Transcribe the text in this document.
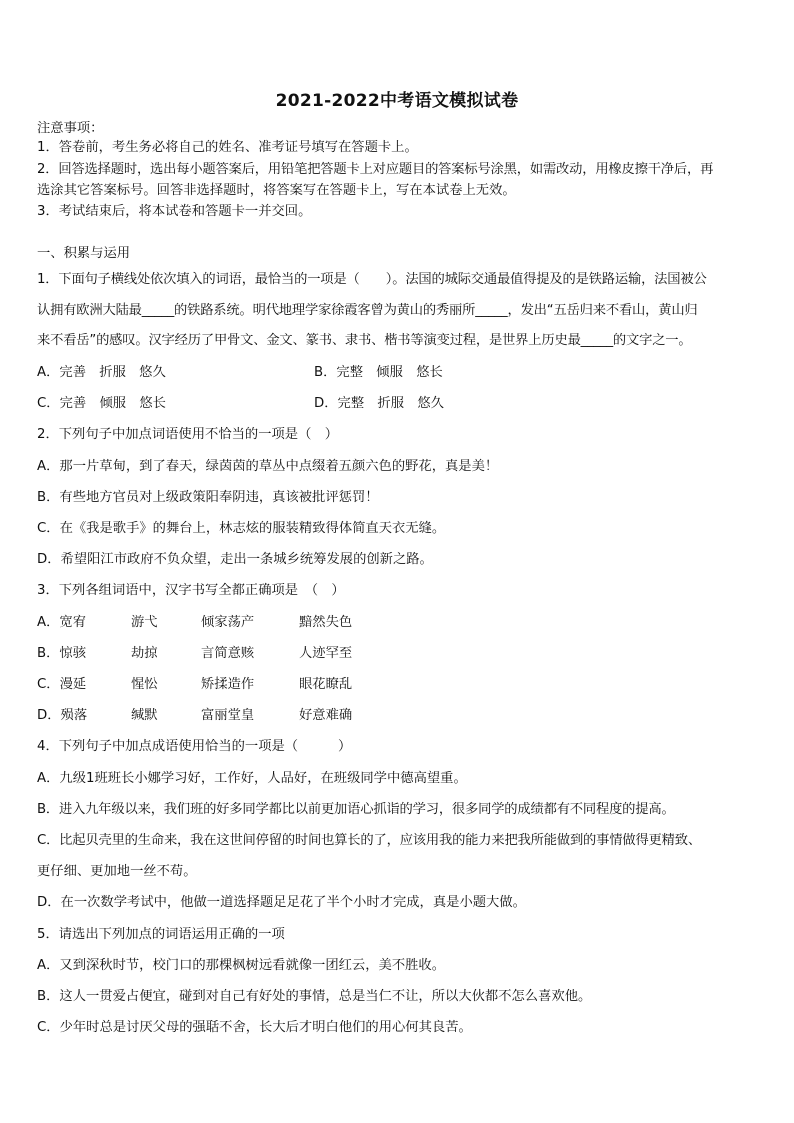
2021-2022中考语文模拟试卷
注意事项：
1．答卷前，考生务必将自己的姓名、准考证号填写在答题卡上。
2．回答选择题时，选出每小题答案后，用铅笔把答题卡上对应题目的答案标号涂黑，如需改动，用橡皮擦干净后，再
选涂其它答案标号。回答非选择题时，将答案写在答题卡上，写在本试卷上无效。
3．考试结束后，将本试卷和答题卡一并交回。
一、积累与运用
1．下面句子横线处依次填入的词语，最恰当的一项是（　　）。法国的城际交通最值得提及的是铁路运输，法国被公
认拥有欧洲大陆最_____的铁路系统。明代地理学家徐霞客曾为黄山的秀丽所_____，发出“五岳归来不看山，黄山归
来不看岳”的感叹。汉字经历了甲骨文、金文、篆书、隶书、楷书等演变过程，是世界上历史最_____的文字之一。
A．完善　折服　悠久	B．完整　倾服　悠长
C．完善　倾服　悠长	D．完整　折服　悠久
2．下列句子中加点词语使用不恰当的一项是（　）
A．那一片草甸，到了春天，绿茵茵的草丛中点缀着五颜六色的野花，真是美！
B．有些地方官员对上级政策阳奉阴违，真该被批评惩罚！
C．在《我是歌手》的舞台上，林志炫的服装精致得体简直天衣无缝。
D．希望阳江市政府不负众望，走出一条城乡统筹发展的创新之路。
3．下列各组词语中，汉字书写全都正确项是　（　）
A．宽宥	游弋	倾家荡产	黯然失色
B．惊骇	劫掠	言简意赅	人迹罕至
C．漫延	惺忪	矫揉造作	眼花瞭乱
D．殒落	缄默	富丽堂皇	好意难确
4．下列句子中加点成语使用恰当的一项是（　　　）
A．九级1班班长小娜学习好，工作好，人品好，在班级同学中德高望重。
B．进入九年级以来，我们班的好多同学都比以前更加语心抓诣的学习，很多同学的成绩都有不同程度的提高。
C．比起贝壳里的生命来，我在这世间停留的时间也算长的了，应该用我的能力来把我所能做到的事情做得更精致、
更仔细、更加地一丝不苟。
D．在一次数学考试中，他做一道选择题足足花了半个小时才完成，真是小题大做。
5．请选出下列加点的词语运用正确的一项
A．又到深秋时节，校门口的那棵枫树远看就像一团红云，美不胜收。
B．这人一贯爱占便宜，碰到对自己有好处的事情，总是当仁不让，所以大伙都不怎么喜欢他。
C．少年时总是讨厌父母的强聒不舍，长大后才明白他们的用心何其良苦。
